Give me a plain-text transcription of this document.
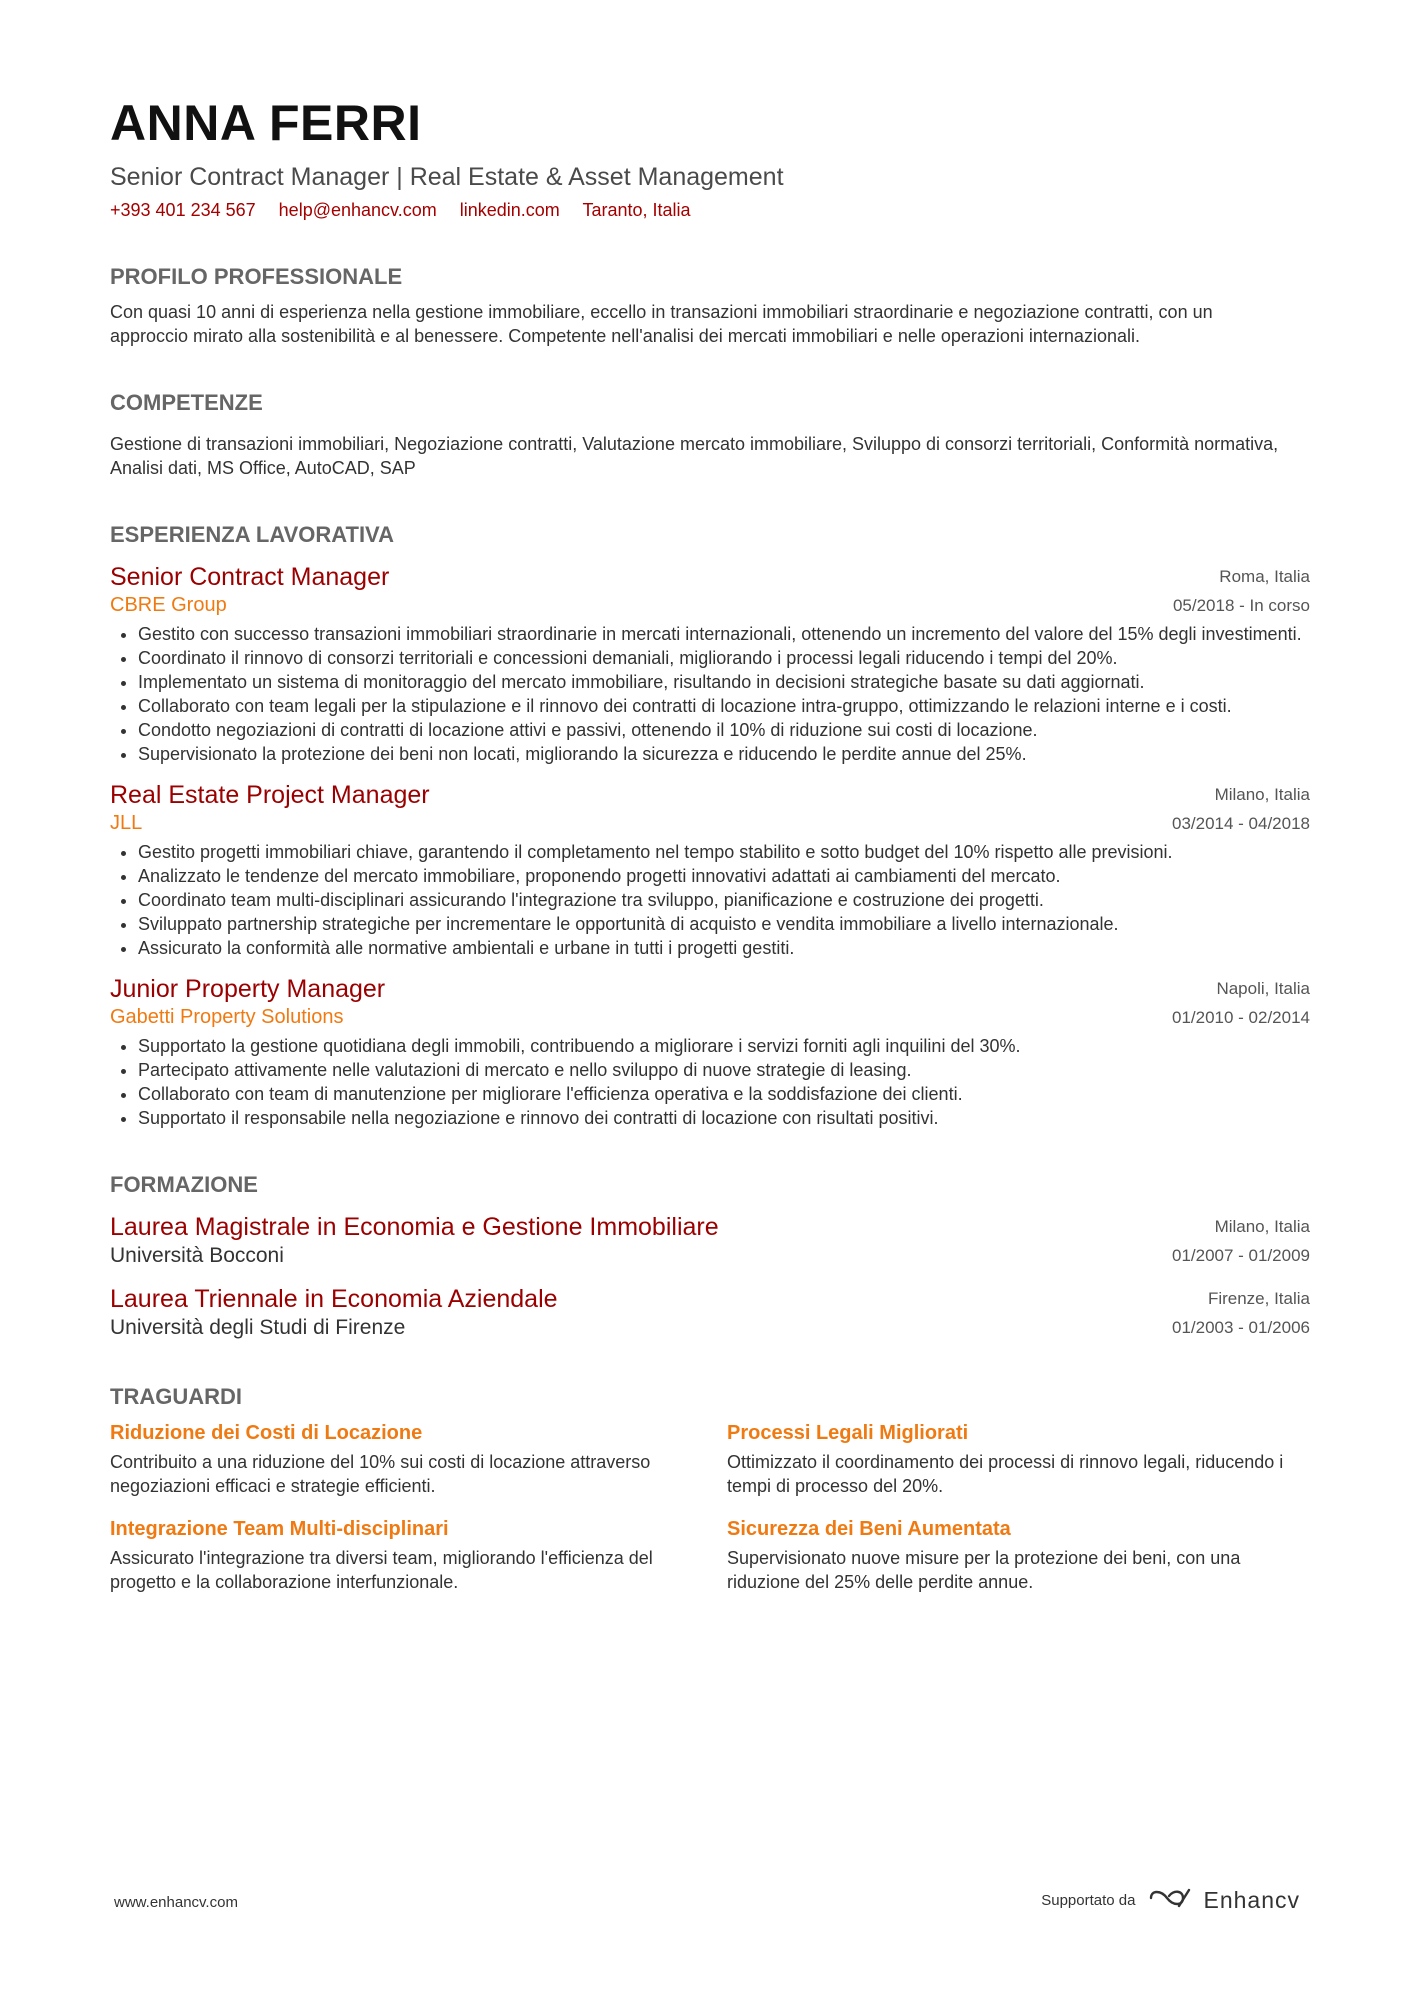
ANNA FERRI
Senior Contract Manager | Real Estate & Asset Management
+393 401 234 567 help@enhancv.com linkedin.com Taranto, Italia
PROFILO PROFESSIONALE
Con quasi 10 anni di esperienza nella gestione immobiliare, eccello in transazioni immobiliari straordinarie e negoziazione contratti, con un approccio mirato alla sostenibilità e al benessere. Competente nell'analisi dei mercati immobiliari e nelle operazioni internazionali.
COMPETENZE
Gestione di transazioni immobiliari, Negoziazione contratti, Valutazione mercato immobiliare, Sviluppo di consorzi territoriali, Conformità normativa, Analisi dati, MS Office, AutoCAD, SAP
ESPERIENZA LAVORATIVA
Senior Contract Manager
CBRE Group
Roma, Italia
05/2018 - In corso
• Gestito con successo transazioni immobiliari straordinarie in mercati internazionali, ottenendo un incremento del valore del 15% degli investimenti.
• Coordinato il rinnovo di consorzi territoriali e concessioni demaniali, migliorando i processi legali riducendo i tempi del 20%.
• Implementato un sistema di monitoraggio del mercato immobiliare, risultando in decisioni strategiche basate su dati aggiornati.
• Collaborato con team legali per la stipulazione e il rinnovo dei contratti di locazione intra-gruppo, ottimizzando le relazioni interne e i costi.
• Condotto negoziazioni di contratti di locazione attivi e passivi, ottenendo il 10% di riduzione sui costi di locazione.
• Supervisionato la protezione dei beni non locati, migliorando la sicurezza e riducendo le perdite annue del 25%.
Real Estate Project Manager
JLL
Milano, Italia
03/2014 - 04/2018
• Gestito progetti immobiliari chiave, garantendo il completamento nel tempo stabilito e sotto budget del 10% rispetto alle previsioni.
• Analizzato le tendenze del mercato immobiliare, proponendo progetti innovativi adattati ai cambiamenti del mercato.
• Coordinato team multi-disciplinari assicurando l'integrazione tra sviluppo, pianificazione e costruzione dei progetti.
• Sviluppato partnership strategiche per incrementare le opportunità di acquisto e vendita immobiliare a livello internazionale.
• Assicurato la conformità alle normative ambientali e urbane in tutti i progetti gestiti.
Junior Property Manager
Gabetti Property Solutions
Napoli, Italia
01/2010 - 02/2014
• Supportato la gestione quotidiana degli immobili, contribuendo a migliorare i servizi forniti agli inquilini del 30%.
• Partecipato attivamente nelle valutazioni di mercato e nello sviluppo di nuove strategie di leasing.
• Collaborato con team di manutenzione per migliorare l'efficienza operativa e la soddisfazione dei clienti.
• Supportato il responsabile nella negoziazione e rinnovo dei contratti di locazione con risultati positivi.
FORMAZIONE
Laurea Magistrale in Economia e Gestione Immobiliare
Università Bocconi
Milano, Italia
01/2007 - 01/2009
Laurea Triennale in Economia Aziendale
Università degli Studi di Firenze
Firenze, Italia
01/2003 - 01/2006
TRAGUARDI
Riduzione dei Costi di Locazione
Contribuito a una riduzione del 10% sui costi di locazione attraverso negoziazioni efficaci e strategie efficienti.
Processi Legali Migliorati
Ottimizzato il coordinamento dei processi di rinnovo legali, riducendo i tempi di processo del 20%.
Integrazione Team Multi-disciplinari
Assicurato l'integrazione tra diversi team, migliorando l'efficienza del progetto e la collaborazione interfunzionale.
Sicurezza dei Beni Aumentata
Supervisionato nuove misure per la protezione dei beni, con una riduzione del 25% delle perdite annue.
www.enhancv.com	Supportato da	Enhancv
